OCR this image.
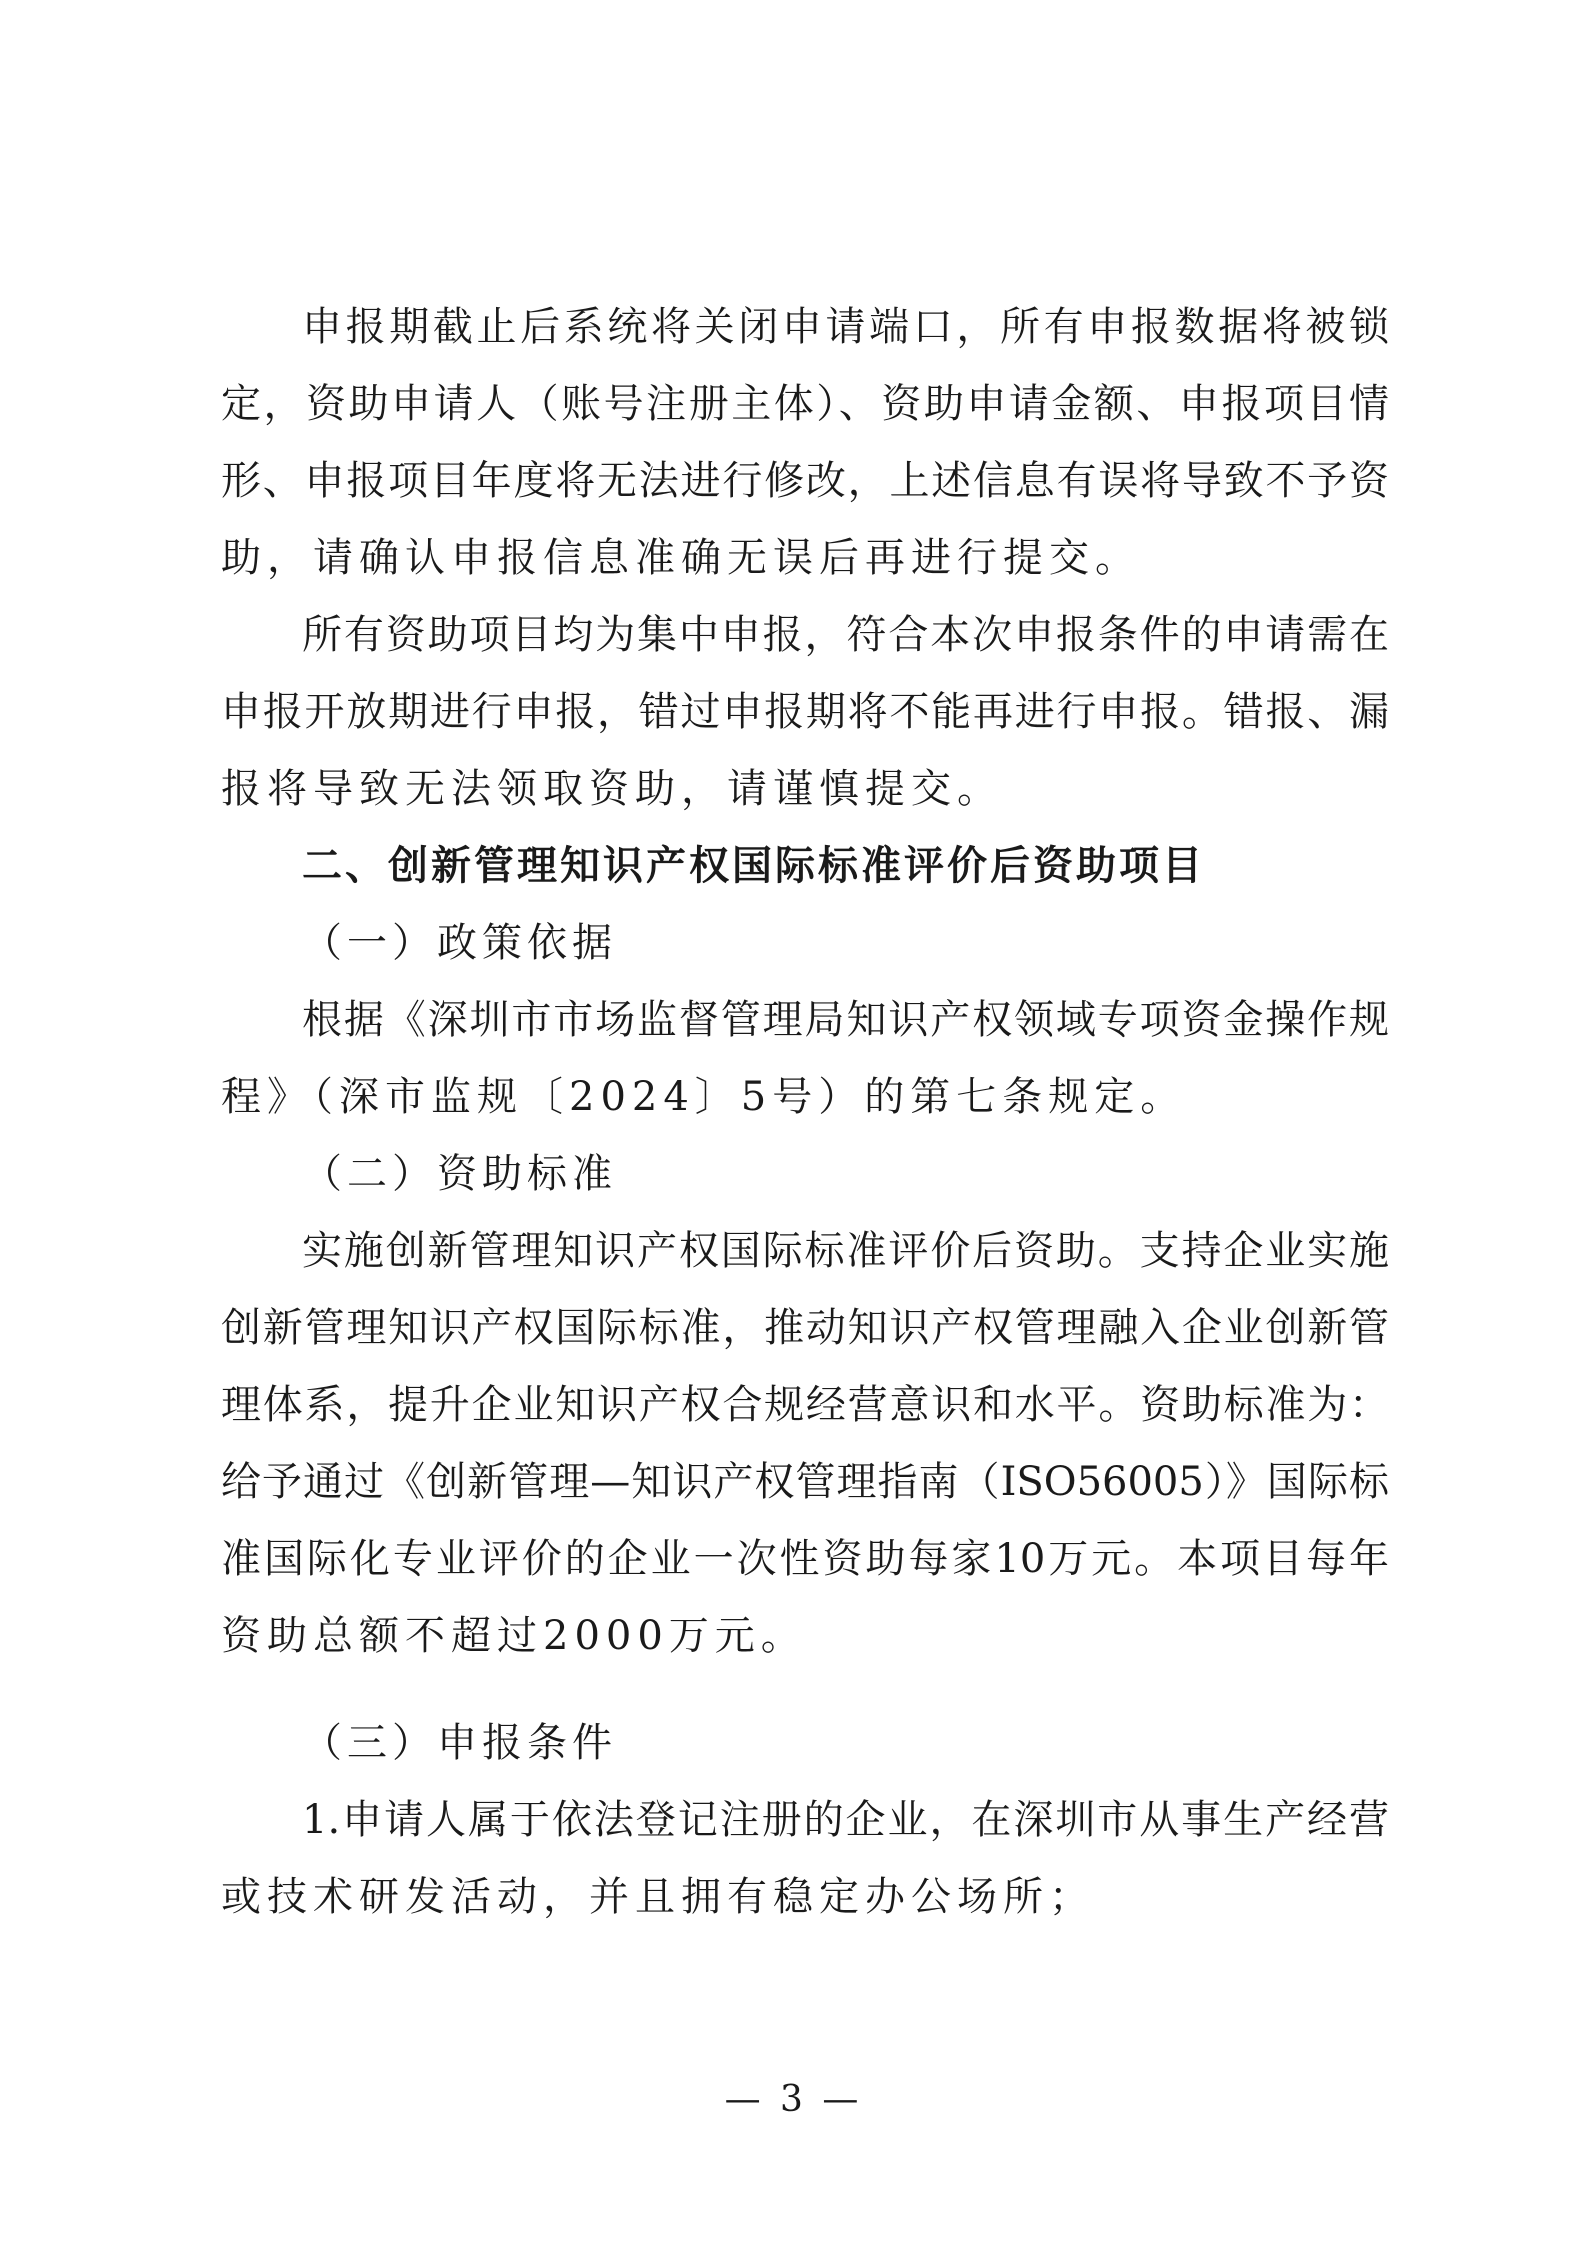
申报期截止后系统将关闭申请端口，所有申报数据将被锁
定，资助申请人（账号注册主体）、资助申请金额、申报项目情
形、申报项目年度将无法进行修改，上述信息有误将导致不予资
助，请确认申报信息准确无误后再进行提交。
所有资助项目均为集中申报，符合本次申报条件的申请需在
申报开放期进行申报，错过申报期将不能再进行申报。错报、漏
报将导致无法领取资助，请谨慎提交。
二、创新管理知识产权国际标准评价后资助项目
（一）政策依据
根据《深圳市市场监督管理局知识产权领域专项资金操作规
程》（深市监规〔2024〕5号）的第七条规定。
（二）资助标准
实施创新管理知识产权国际标准评价后资助。支持企业实施
创新管理知识产权国际标准，推动知识产权管理融入企业创新管
理体系，提升企业知识产权合规经营意识和水平。资助标准为：
给予通过《创新管理—知识产权管理指南（ISO56005）》国际标
准国际化专业评价的企业一次性资助每家10万元。本项目每年
资助总额不超过2000万元。
（三）申报条件
1.申请人属于依法登记注册的企业，在深圳市从事生产经营
或技术研发活动，并且拥有稳定办公场所；
— 3 —
